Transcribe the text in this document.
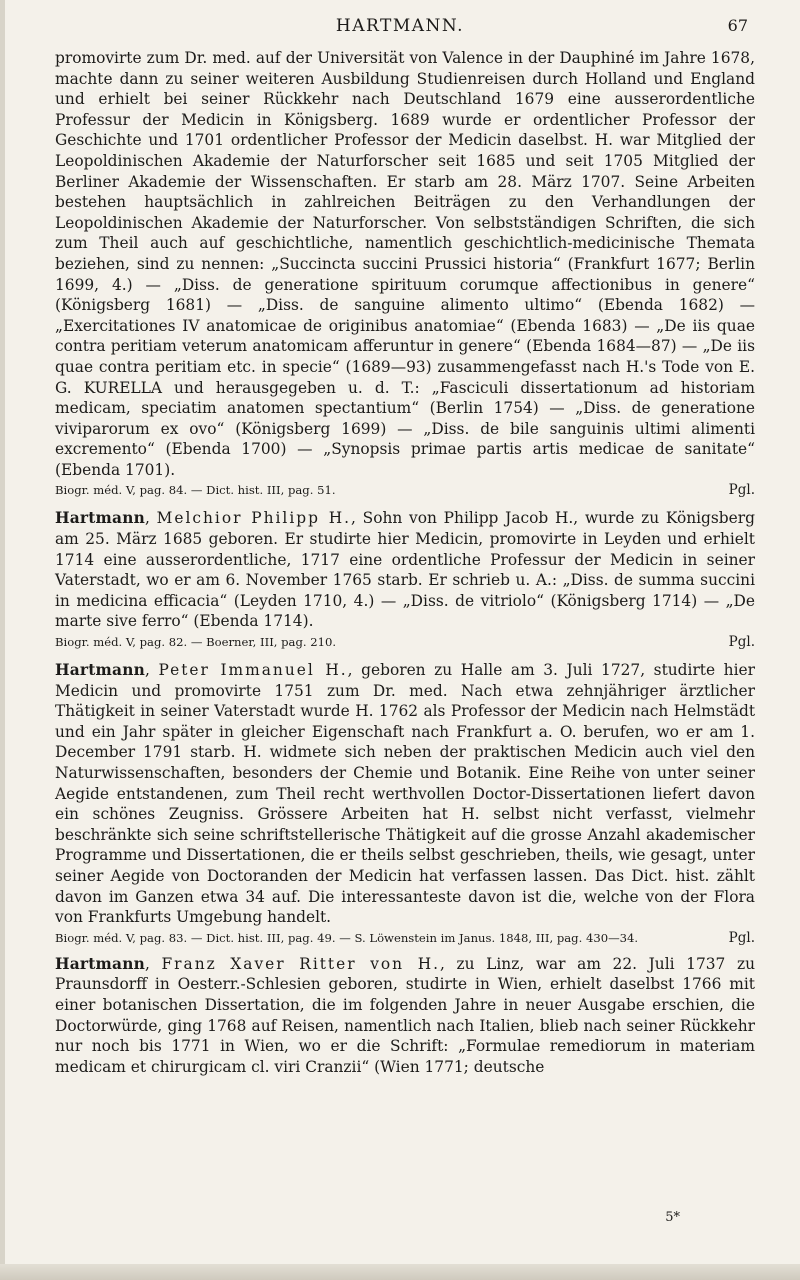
HARTMANN.	67

promovirte zum Dr. med. auf der Universität von Valence in der Dauphiné im Jahre 1678, machte dann zu seiner weiteren Ausbildung Studienreisen durch Holland und England und erhielt bei seiner Rückkehr nach Deutschland 1679 eine ausserordentliche Professur der Medicin in Königsberg. 1689 wurde er ordentlicher Professor der Geschichte und 1701 ordentlicher Professor der Medicin daselbst. H. war Mitglied der Leopoldinischen Akademie der Naturforscher seit 1685 und seit 1705 Mitglied der Berliner Akademie der Wissenschaften. Er starb am 28. März 1707. Seine Arbeiten bestehen hauptsächlich in zahlreichen Beiträgen zu den Verhandlungen der Leopoldinischen Akademie der Naturforscher. Von selbstständigen Schriften, die sich zum Theil auch auf geschichtliche, namentlich geschichtlich-medicinische Themata beziehen, sind zu nennen: „Succincta succini Prussici historia“ (Frankfurt 1677; Berlin 1699, 4.) — „Diss. de generatione spirituum corumque affectionibus in genere“ (Königsberg 1681) — „Diss. de sanguine alimento ultimo“ (Ebenda 1682) — „Exercitationes IV anatomicae de originibus anatomiae“ (Ebenda 1683) — „De iis quae contra peritiam veterum anatomicam afferuntur in genere“ (Ebenda 1684—87) — „De iis quae contra peritiam etc. in specie“ (1689—93) zusammengefasst nach H.'s Tode von E. G. KURELLA und herausgegeben u. d. T.: „Fasciculi dissertationum ad historiam medicam, speciatim anatomen spectantium“ (Berlin 1754) — „Diss. de generatione viviparorum ex ovo“ (Königsberg 1699) — „Diss. de bile sanguinis ultimi alimenti excremento“ (Ebenda 1700) — „Synopsis primae partis artis medicae de sanitate“ (Ebenda 1701).

Biogr. méd. V, pag. 84. — Dict. hist. III, pag. 51.	Pgl.

Hartmann, Melchior Philipp H., Sohn von Philipp Jacob H., wurde zu Königsberg am 25. März 1685 geboren. Er studirte hier Medicin, promovirte in Leyden und erhielt 1714 eine ausserordentliche, 1717 eine ordentliche Professur der Medicin in seiner Vaterstadt, wo er am 6. November 1765 starb. Er schrieb u. A.: „Diss. de summa succini in medicina efficacia“ (Leyden 1710, 4.) — „Diss. de vitriolo“ (Königsberg 1714) — „De marte sive ferro“ (Ebenda 1714).

Biogr. méd. V, pag. 82. — Boerner, III, pag. 210.	Pgl.

Hartmann, Peter Immanuel H., geboren zu Halle am 3. Juli 1727, studirte hier Medicin und promovirte 1751 zum Dr. med. Nach etwa zehnjähriger ärztlicher Thätigkeit in seiner Vaterstadt wurde H. 1762 als Professor der Medicin nach Helmstädt und ein Jahr später in gleicher Eigenschaft nach Frankfurt a. O. berufen, wo er am 1. December 1791 starb. H. widmete sich neben der praktischen Medicin auch viel den Naturwissenschaften, besonders der Chemie und Botanik. Eine Reihe von unter seiner Aegide entstandenen, zum Theil recht werthvollen Doctor-Dissertationen liefert davon ein schönes Zeugniss. Grössere Arbeiten hat H. selbst nicht verfasst, vielmehr beschränkte sich seine schriftstellerische Thätigkeit auf die grosse Anzahl akademischer Programme und Dissertationen, die er theils selbst geschrieben, theils, wie gesagt, unter seiner Aegide von Doctoranden der Medicin hat verfassen lassen. Das Dict. hist. zählt davon im Ganzen etwa 34 auf. Die interessanteste davon ist die, welche von der Flora von Frankfurts Umgebung handelt.

Biogr. méd. V, pag. 83. — Dict. hist. III, pag. 49. — S. Löwenstein im Janus. 1848, III, pag. 430—34.	Pgl.

Hartmann, Franz Xaver Ritter von H., zu Linz, war am 22. Juli 1737 zu Praunsdorff in Oesterr.-Schlesien geboren, studirte in Wien, erhielt daselbst 1766 mit einer botanischen Dissertation, die im folgenden Jahre in neuer Ausgabe erschien, die Doctorwürde, ging 1768 auf Reisen, namentlich nach Italien, blieb nach seiner Rückkehr nur noch bis 1771 in Wien, wo er die Schrift: „Formulae remediorum in materiam medicam et chirurgicam cl. viri Cranzii“ (Wien 1771; deutsche

5*
